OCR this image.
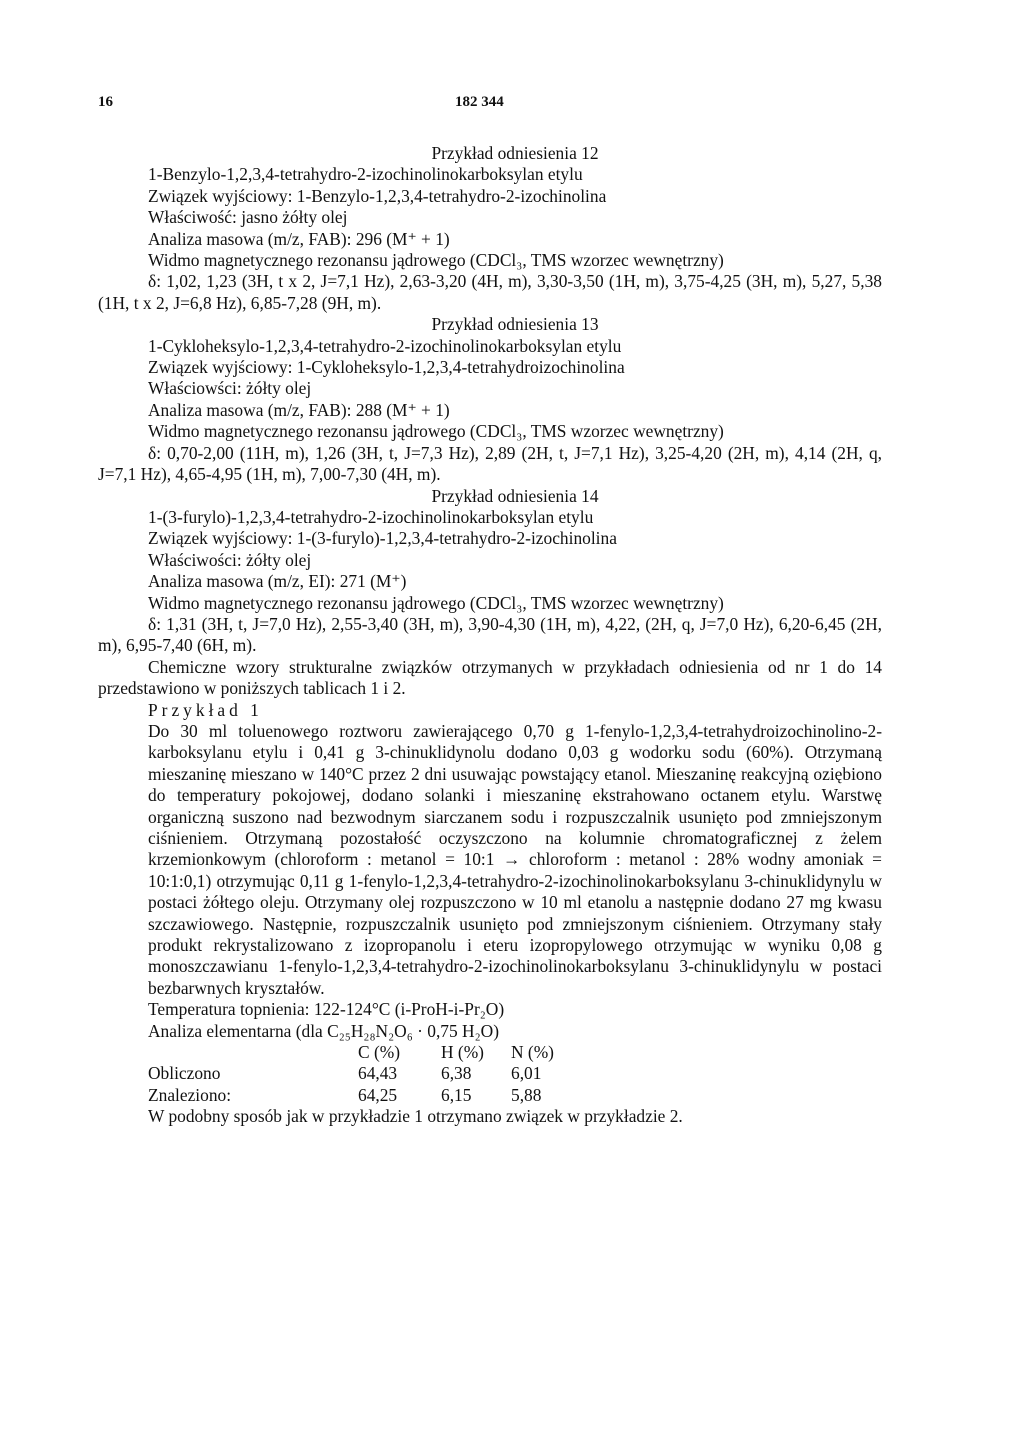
16	182 344

Przykład odniesienia 12

1-Benzylo-1,2,3,4-tetrahydro-2-izochinolinokarboksylan etylu

Związek wyjściowy: 1-Benzylo-1,2,3,4-tetrahydro-2-izochinolina

Właściwość: jasno żółty olej

Analiza masowa (m/z, FAB): 296 (M⁺ + 1)

Widmo magnetycznego rezonansu jądrowego (CDCl₃, TMS wzorzec wewnętrzny)

δ: 1,02, 1,23 (3H, t x 2, J=7,1 Hz), 2,63-3,20 (4H, m), 3,30-3,50 (1H, m), 3,75-4,25 (3H, m), 5,27, 5,38 (1H, t x 2, J=6,8 Hz), 6,85-7,28 (9H, m).

Przykład odniesienia 13

1-Cykloheksylo-1,2,3,4-tetrahydro-2-izochinolinokarboksylan etylu

Związek wyjściowy: 1-Cykloheksylo-1,2,3,4-tetrahydroizochinolina

Właściowści: żółty olej

Analiza masowa (m/z, FAB): 288 (M⁺ + 1)

Widmo magnetycznego rezonansu jądrowego (CDCl₃, TMS wzorzec wewnętrzny)

δ: 0,70-2,00 (11H, m), 1,26 (3H, t, J=7,3 Hz), 2,89 (2H, t, J=7,1 Hz), 3,25-4,20 (2H, m), 4,14 (2H, q, J=7,1 Hz), 4,65-4,95 (1H, m), 7,00-7,30 (4H, m).

Przykład odniesienia 14

1-(3-furylo)-1,2,3,4-tetrahydro-2-izochinolinokarboksylan etylu

Związek wyjściowy: 1-(3-furylo)-1,2,3,4-tetrahydro-2-izochinolina

Właściwości: żółty olej

Analiza masowa (m/z, EI): 271 (M⁺)

Widmo magnetycznego rezonansu jądrowego (CDCl₃, TMS wzorzec wewnętrzny)

δ: 1,31 (3H, t, J=7,0 Hz), 2,55-3,40 (3H, m), 3,90-4,30 (1H, m), 4,22, (2H, q, J=7,0 Hz), 6,20-6,45 (2H, m), 6,95-7,40 (6H, m).

Chemiczne wzory strukturalne związków otrzymanych w przykładach odniesienia od nr 1 do 14 przedstawiono w poniższych tablicach 1 i 2.

Przykład 1

Do 30 ml toluenowego roztworu zawierającego 0,70 g 1-fenylo-1,2,3,4-tetrahydroizochinolino-2-karboksylanu etylu i 0,41 g 3-chinuklidynolu dodano 0,03 g wodorku sodu (60%). Otrzymaną mieszaninę mieszano w 140°C przez 2 dni usuwając powstający etanol. Mieszaninę reakcyjną oziębiono do temperatury pokojowej, dodano solanki i mieszaninę ekstrahowano octanem etylu. Warstwę organiczną suszono nad bezwodnym siarczanem sodu i rozpuszczalnik usunięto pod zmniejszonym ciśnieniem. Otrzymaną pozostałość oczyszczono na kolumnie chromatograficznej z żelem krzemionkowym (chloroform : metanol = 10:1 → chloroform : metanol : 28% wodny amoniak = 10:1:0,1) otrzymując 0,11 g 1-fenylo-1,2,3,4-tetrahydro-2-izochinolinokarboksylanu 3-chinuklidynylu w postaci żółtego oleju. Otrzymany olej rozpuszczono w 10 ml etanolu a następnie dodano 27 mg kwasu szczawiowego. Następnie, rozpuszczalnik usunięto pod zmniejszonym ciśnieniem. Otrzymany stały produkt rekrystalizowano z izopropanolu i eteru izopropylowego otrzymując w wyniku 0,08 g monoszczawianu 1-fenylo-1,2,3,4-tetrahydro-2-izochinolinokarboksylanu 3-chinuklidynylu w postaci bezbarwnych kryształów.

Temperatura topnienia: 122-124°C (i-ProH-i-Pr₂O)

Analiza elementarna (dla C₂₅H₂₈N₂O₆ · 0,75 H₂O)

	C (%)	H (%)	N (%)
Obliczono	64,43	6,38	6,01
Znaleziono:	64,25	6,15	5,88

W podobny sposób jak w przykładzie 1 otrzymano związek w przykładzie 2.
